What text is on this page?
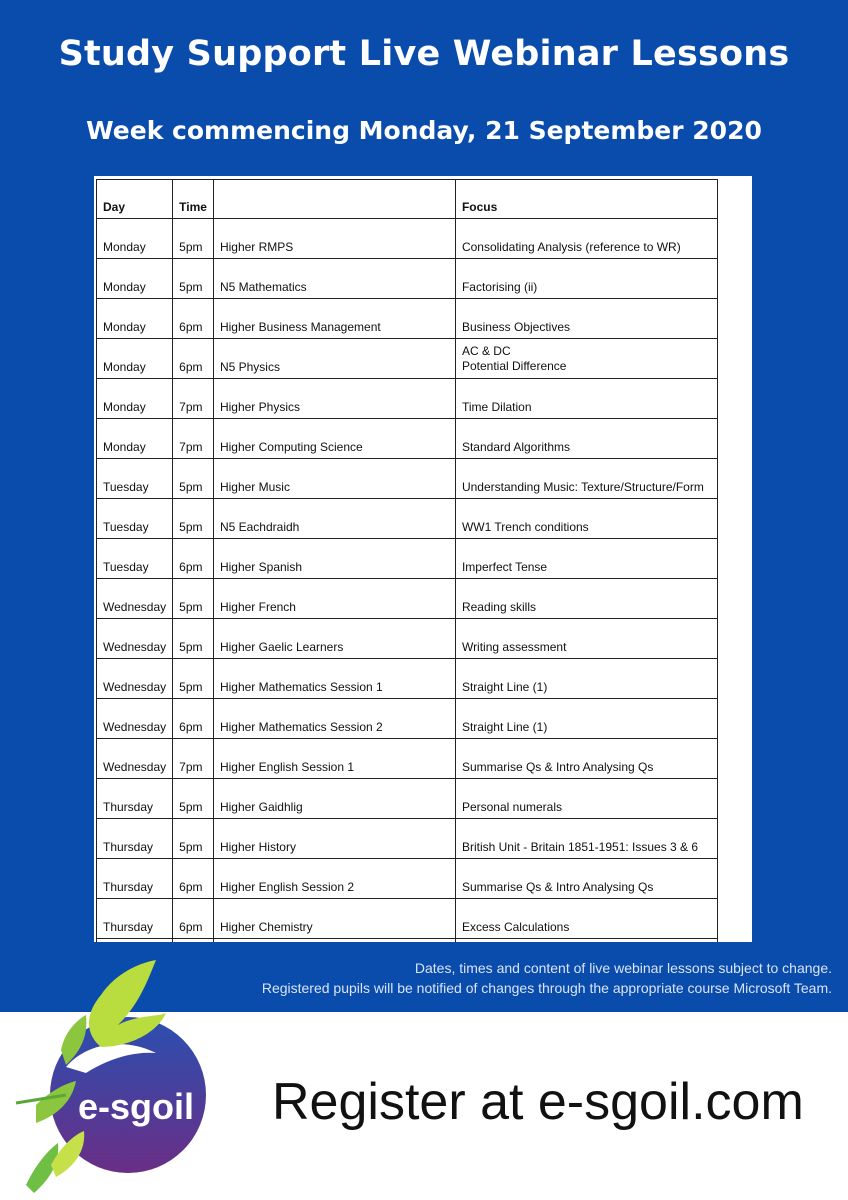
Study Support Live Webinar Lessons
Week commencing Monday, 21 September 2020
Day	Time		Focus
Monday	5pm	Higher RMPS	Consolidating Analysis (reference to WR)
Monday	5pm	N5 Mathematics	Factorising (ii)
Monday	6pm	Higher Business Management	Business Objectives
Monday	6pm	N5 Physics	AC & DC
Potential Difference

Monday	7pm	Higher Physics	Time Dilation
Monday	7pm	Higher Computing Science	Standard Algorithms
Tuesday	5pm	Higher Music	Understanding Music: Texture/Structure/Form
Tuesday	5pm	N5 Eachdraidh	WW1 Trench conditions
Tuesday	6pm	Higher Spanish	Imperfect Tense
Wednesday	5pm	Higher French	Reading skills
Wednesday	5pm	Higher Gaelic Learners	Writing assessment
Wednesday	5pm	Higher Mathematics Session 1	Straight Line (1)
Wednesday	6pm	Higher Mathematics Session 2	Straight Line (1)
Wednesday	7pm	Higher English Session 1	Summarise Qs & Intro Analysing Qs
Thursday	5pm	Higher Gaidhlig	Personal numerals
Thursday	5pm	Higher History	British Unit - Britain 1851-1951: Issues 3 & 6
Thursday	6pm	Higher English Session 2	Summarise Qs & Intro Analysing Qs
Thursday	6pm	Higher Chemistry	Excess Calculations

Dates, times and content of live webinar lessons subject to change.
Registered pupils will be notified of changes through the appropriate course Microsoft Team.
e-sgoil Register at e-sgoil.com
